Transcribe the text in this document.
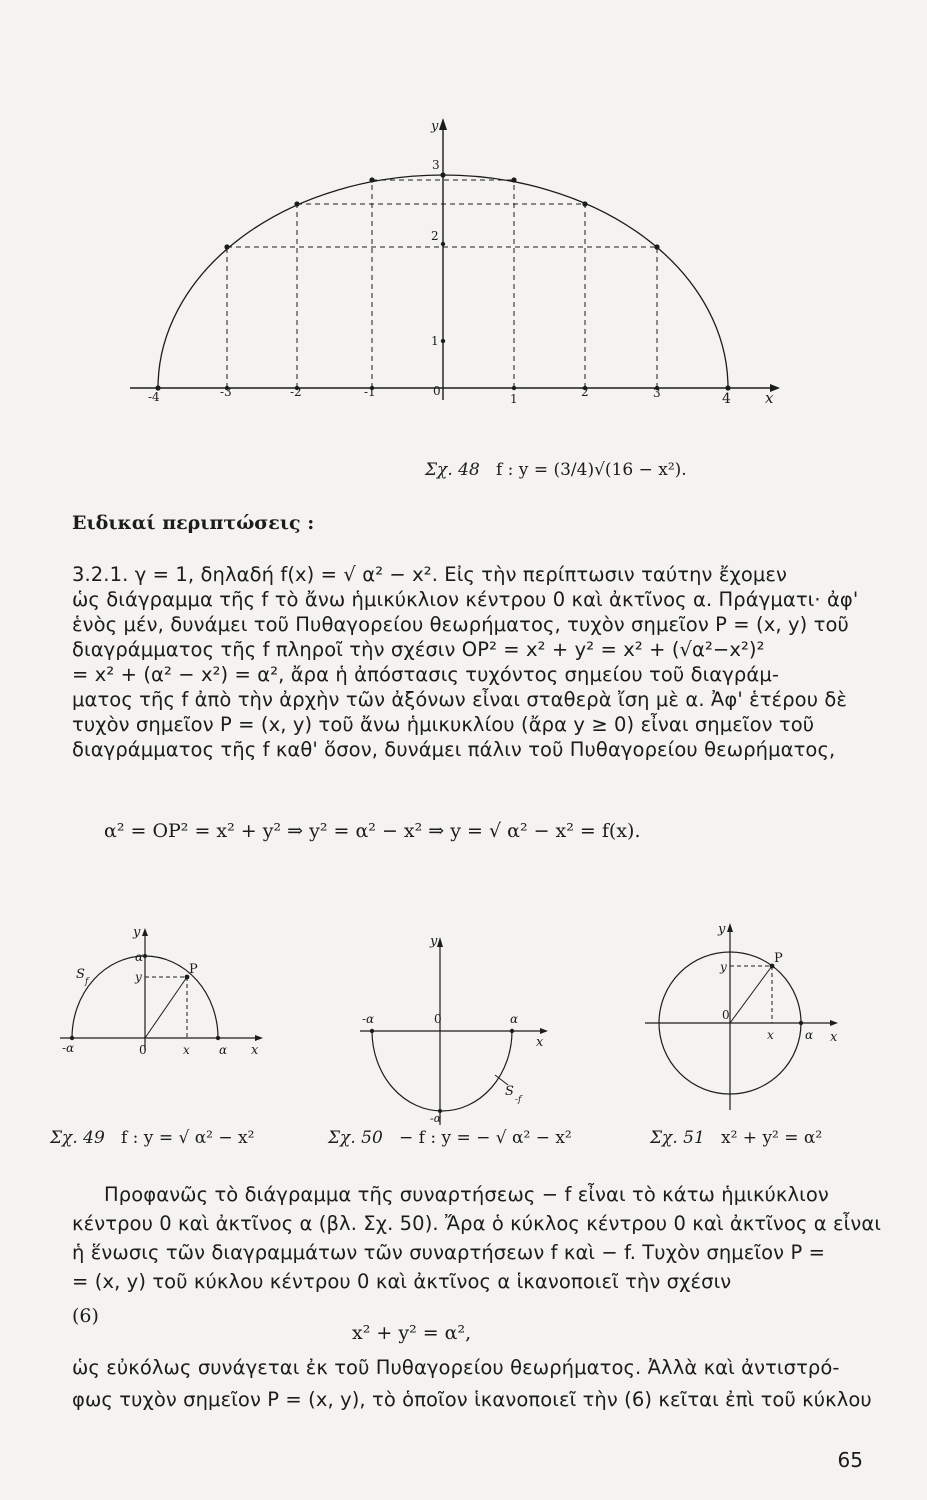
-4	-3	-2	-1	0
1	2	3	4 x
1
2
3
y
Σχ. 48 f : y = (3/4)√(16 − x²).
Ειδικαί περιπτώσεις :
3.2.1. γ = 1, δηλαδή f(x) = √ α² − x². Εἰς τὴν περίπτωσιν ταύτην ἔχομεν
ὡς διάγραμμα τῆς f τὸ ἄνω ἡμικύκλιον κέντρου 0 καὶ ἀκτῖνος α. Πράγματι· ἀφ'
ἑνὸς μέν, δυνάμει τοῦ Πυθαγορείου θεωρήματος, τυχὸν σημεῖον P = (x, y) τοῦ
διαγράμματος τῆς f πληροῖ τὴν σχέσιν OP² = x² + y² = x² + (√α²−x²)²
= x² + (α² − x²) = α², ἄρα ἡ ἀπόστασις τυχόντος σημείου τοῦ διαγράμ-
ματος τῆς f ἀπὸ τὴν ἀρχὴν τῶν ἀξόνων εἶναι σταθερὰ ἴση μὲ α. Ἀφ' ἑτέρου δὲ
τυχὸν σημεῖον P = (x, y) τοῦ ἄνω ἡμικυκλίου (ἄρα y ≥ 0) εἶναι σημεῖον τοῦ
διαγράμματος τῆς f καθ' ὅσον, δυνάμει πάλιν τοῦ Πυθαγορείου θεωρήματος,
α² = OP² = x² + y² ⇒ y² = α² − x² ⇒ y = √ α² − x² = f(x).
y
α
y	P
S f
-α	0	x α x
Σχ. 49 f : y = √ α² − x²
y
-α	0	α
x
S
-f
-α
Σχ. 50 − f : y = − √ α² − x²
y
y
P
0
x	α x
Σχ. 51 x² + y² = α²
Προφανῶς τὸ διάγραμμα τῆς συναρτήσεως − f εἶναι τὸ κάτω ἡμικύκλιον
κέντρου 0 καὶ ἀκτῖνος α (βλ. Σχ. 50). Ἄρα ὁ κύκλος κέντρου 0 καὶ ἀκτῖνος α εἶναι
ἡ ἕνωσις τῶν διαγραμμάτων τῶν συναρτήσεων f καὶ − f. Τυχὸν σημεῖον P =
= (x, y) τοῦ κύκλου κέντρου 0 καὶ ἀκτῖνος α ἱκανοποιεῖ τὴν σχέσιν
(6)
x² + y² = α²,
ὡς εὐκόλως συνάγεται ἐκ τοῦ Πυθαγορείου θεωρήματος. Ἀλλὰ καὶ ἀντιστρό-
φως τυχὸν σημεῖον P = (x, y), τὸ ὁποῖον ἱκανοποιεῖ τὴν (6) κεῖται ἐπὶ τοῦ κύκλου
65
